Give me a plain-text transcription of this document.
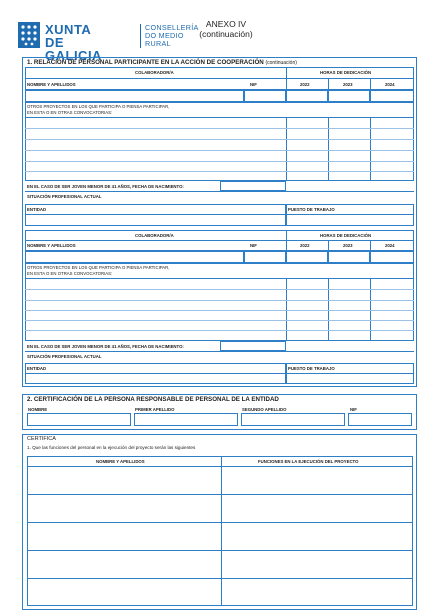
XUNTA
DE GALICIA
CONSELLERÍA
DO MEDIO
RURAL
ANEXO IV
(continuación)
1. RELACIÓN DE PERSONAL PARTICIPANTE EN LA ACCIÓN DE COOPERACIÓN (continuación)
COLABORADOR/A	HORAS DE DEDICACIÓN
NOMBRE Y APELLIDOS	NIF	2022	2023	2024
OTROS PROYECTOS EN LOS QUE PARTICIPA O PIENSA PARTICIPAR,
EN ESTA O EN OTRAS CONVOCATORIAS:
EN EL CASO DE SER JOVEN MENOR DE 41 AÑOS, FECHA DE NACIMIENTO:
SITUACIÓN PROFESIONAL ACTUAL
ENTIDAD	PUESTO DE TRABAJO
COLABORADOR/A	HORAS DE DEDICACIÓN
NOMBRE Y APELLIDOS	NIF	2022	2023	2024
OTROS PROYECTOS EN LOS QUE PARTICIPA O PIENSA PARTICIPAR,
EN ESTA O EN OTRAS CONVOCATORIAS:
EN EL CASO DE SER JOVEN MENOR DE 41 AÑOS, FECHA DE NACIMIENTO:
SITUACIÓN PROFESIONAL ACTUAL
ENTIDAD	PUESTO DE TRABAJO
2. CERTIFICACIÓN DE LA PERSONA RESPONSABLE DE PERSONAL DE LA ENTIDAD
NOMBRE	PRIMER APELLIDO	SEGUNDO APELLIDO	NIF
CERTIFICA
1. Que las funciones del personal en la ejecución del proyecto serán las siguientes
NOMBRE Y APELLIDOS	FUNCIONES EN LA EJECUCIÓN DEL PROYECTO
